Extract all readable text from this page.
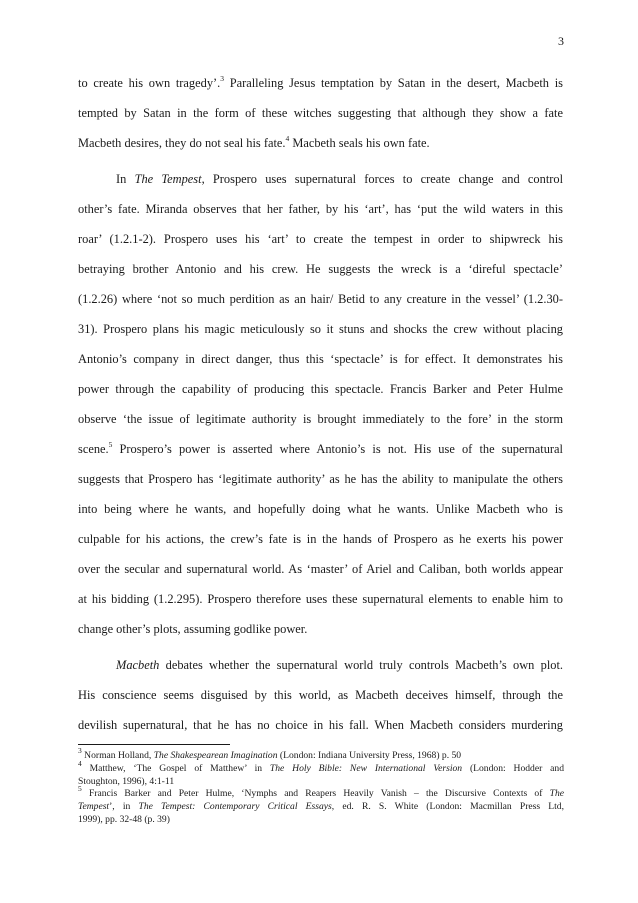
3
to create his own tragedy’.$^3$ Paralleling Jesus temptation by Satan in the desert, Macbeth is
tempted by Satan in the form of these witches suggesting that although they show a fate
Macbeth desires, they do not seal his fate.$^4$ Macbeth seals his own fate.
In The Tempest, Prospero uses supernatural forces to create change and control
other’s fate. Miranda observes that her father, by his ‘art’, has ‘put the wild waters in this
roar’ (1.2.1-2). Prospero uses his ‘art’ to create the tempest in order to shipwreck his
betraying brother Antonio and his crew. He suggests the wreck is a ‘direful spectacle’
(1.2.26) where ‘not so much perdition as an hair/ Betid to any creature in the vessel’ (1.2.30-
31). Prospero plans his magic meticulously so it stuns and shocks the crew without placing
Antonio’s company in direct danger, thus this ‘spectacle’ is for effect. It demonstrates his
power through the capability of producing this spectacle. Francis Barker and Peter Hulme
observe ‘the issue of legitimate authority is brought immediately to the fore’ in the storm
scene.$^5$ Prospero’s power is asserted where Antonio’s is not. His use of the supernatural
suggests that Prospero has ‘legitimate authority’ as he has the ability to manipulate the others
into being where he wants, and hopefully doing what he wants. Unlike Macbeth who is
culpable for his actions, the crew’s fate is in the hands of Prospero as he exerts his power
over the secular and supernatural world. As ‘master’ of Ariel and Caliban, both worlds appear
at his bidding (1.2.295). Prospero therefore uses these supernatural elements to enable him to
change other’s plots, assuming godlike power.
Macbeth debates whether the supernatural world truly controls Macbeth’s own plot.
His conscience seems disguised by this world, as Macbeth deceives himself, through the
devilish supernatural, that he has no choice in his fall. When Macbeth considers murdering
$^3$ Norman Holland, The Shakespearean Imagination (London: Indiana University Press, 1968) p. 50
$^4$ Matthew, ‘The Gospel of Matthew’ in The Holy Bible: New International Version (London: Hodder and
Stoughton, 1996), 4:1-11
$^5$ Francis Barker and Peter Hulme, ‘Nymphs and Reapers Heavily Vanish – the Discursive Contexts of The
Tempest’, in The Tempest: Contemporary Critical Essays, ed. R. S. White (London: Macmillan Press Ltd,
1999), pp. 32-48 (p. 39)
